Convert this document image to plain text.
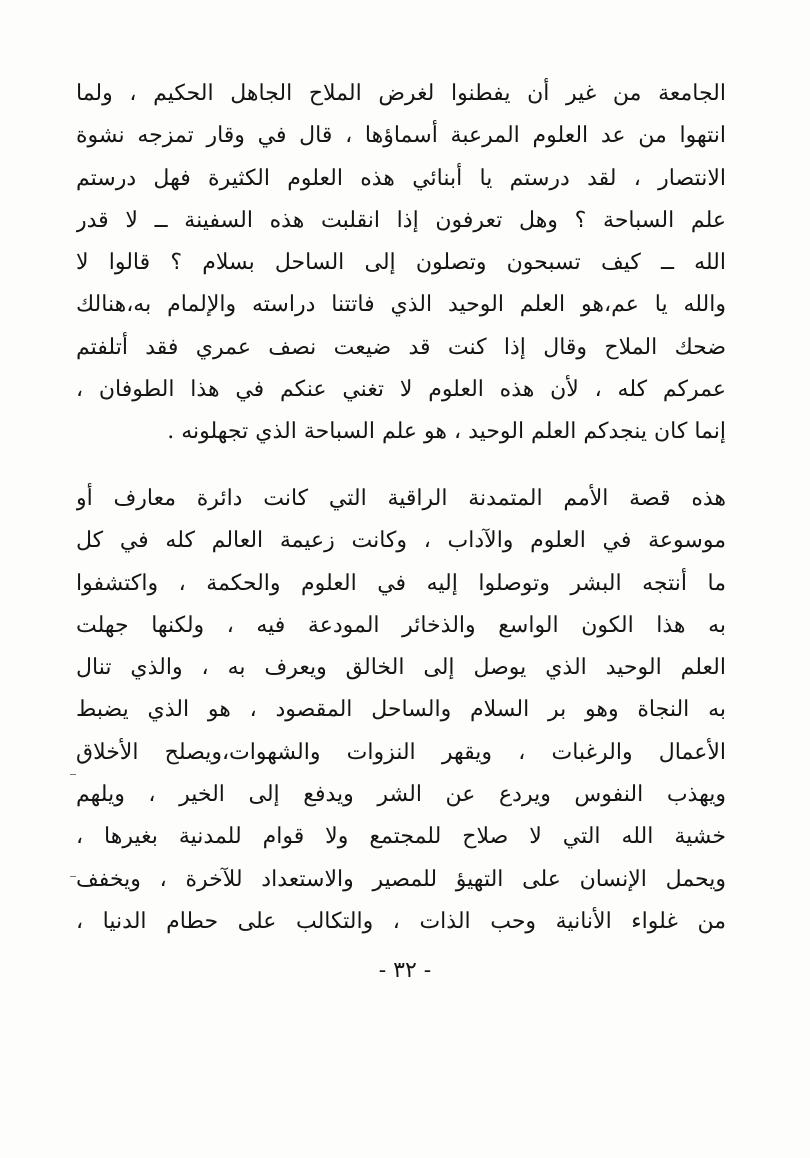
الجامعة من غير أن يفطنوا لغرض الملاح الجاهل الحكيم ، ولما
انتهوا من عد العلوم المرعبة أسماؤها ، قال في وقار تمزجه نشوة
الانتصار ، لقد درستم يا أبنائي هذه العلوم الكثيرة فهل درستم
علم السباحة ؟ وهل تعرفون إذا انقلبت هذه السفينة ــ لا قدر
الله ــ كيف تسبحون وتصلون إلى الساحل بسلام ؟ قالوا لا
والله يا عم،هو العلم الوحيد الذي فاتتنا دراسته والإلمام به،هنالك
ضحك الملاح وقال إذا كنت قد ضيعت نصف عمري فقد أتلفتم
عمركم كله ، لأن هذه العلوم لا تغني عنكم في هذا الطوفان ،
إنما كان ينجدكم العلم الوحيد ، هو علم السباحة الذي تجهلونه .
هذه قصة الأمم المتمدنة الراقية التي كانت دائرة معارف أو
موسوعة في العلوم والآداب ، وكانت زعيمة العالم كله في كل
ما أنتجه البشر وتوصلوا إليه في العلوم والحكمة ، واكتشفوا
به هذا الكون الواسع والذخائر المودعة فيه ، ولكنها جهلت
العلم الوحيد الذي يوصل إلى الخالق ويعرف به ، والذي تنال
به النجاة وهو بر السلام والساحل المقصود ، هو الذي يضبط
الأعمال والرغبات ، ويقهر النزوات والشهوات،ويصلح الأخلاق
ويهذب النفوس ويردع عن الشر ويدفع إلى الخير ، ويلهم
خشية الله التي لا صلاح للمجتمع ولا قوام للمدنية بغيرها ،
ويحمل الإنسان على التهيؤ للمصير والاستعداد للآخرة ، ويخفف
من غلواء الأنانية وحب الذات ، والتكالب على حطام الدنيا ،
- ٣٢ -
